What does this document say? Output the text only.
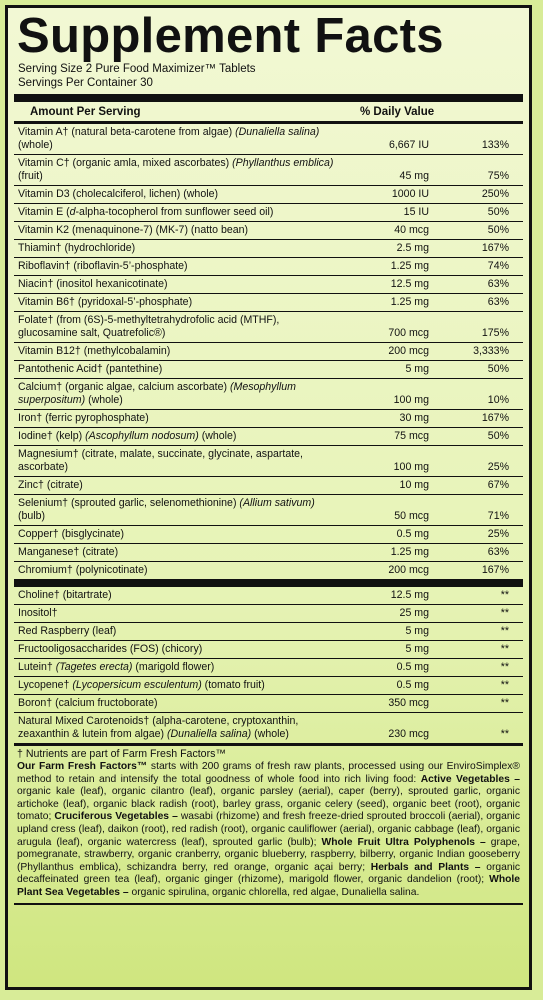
Supplement Facts
Serving Size 2 Pure Food Maximizer™ Tablets
Servings Per Container 30
Amount Per Serving	% Daily Value
Vitamin A† (natural beta-carotene from algae) (Dunaliella salina) (whole)	6,667 IU	133%
Vitamin C† (organic amla, mixed ascorbates) (Phyllanthus emblica) (fruit)	45 mg	75%
Vitamin D3 (cholecalciferol, lichen) (whole)	1000 IU	250%
Vitamin E (d-alpha-tocopherol from sunflower seed oil)	15 IU	50%
Vitamin K2 (menaquinone-7) (MK-7) (natto bean)	40 mcg	50%
Thiamin† (hydrochloride)	2.5 mg	167%
Riboflavin† (riboflavin-5’-phosphate)	1.25 mg	74%
Niacin† (inositol hexanicotinate)	12.5 mg	63%
Vitamin B6† (pyridoxal-5’-phosphate)	1.25 mg	63%
Folate† (from (6S)-5-methyltetrahydrofolic acid (MTHF), glucosamine salt, Quatrefolic®)	700 mcg	175%
Vitamin B12† (methylcobalamin)	200 mcg	3,333%
Pantothenic Acid† (pantethine)	5 mg	50%
Calcium† (organic algae, calcium ascorbate) (Mesophyllum superpositum) (whole)	100 mg	10%
Iron† (ferric pyrophosphate)	30 mg	167%
Iodine† (kelp) (Ascophyllum nodosum) (whole)	75 mcg	50%
Magnesium† (citrate, malate, succinate, glycinate, aspartate, ascorbate)	100 mg	25%
Zinc† (citrate)	10 mg	67%
Selenium† (sprouted garlic, selenomethionine) (Allium sativum) (bulb)	50 mcg	71%
Copper† (bisglycinate)	0.5 mg	25%
Manganese† (citrate)	1.25 mg	63%
Chromium† (polynicotinate)	200 mcg	167%
Choline† (bitartrate)	12.5 mg	**
Inositol†	25 mg	**
Red Raspberry (leaf)	5 mg	**
Fructooligosaccharides (FOS) (chicory)	5 mg	**
Lutein† (Tagetes erecta) (marigold flower)	0.5 mg	**
Lycopene† (Lycopersicum esculentum) (tomato fruit)	0.5 mg	**
Boron† (calcium fructoborate)	350 mcg	**
Natural Mixed Carotenoids† (alpha-carotene, cryptoxanthin, zeaxanthin & lutein from algae) (Dunaliella salina) (whole)	230 mcg	**
† Nutrients are part of Farm Fresh Factors™
Our Farm Fresh Factors™ starts with 200 grams of fresh raw plants, processed using our EnviroSimplex® method to retain and intensify the total goodness of whole food into rich living food: Active Vegetables – organic kale (leaf), organic cilantro (leaf), organic parsley (aerial), caper (berry), sprouted garlic, organic artichoke (leaf), organic black radish (root), barley grass, organic celery (seed), organic beet (root), organic tomato; Cruciferous Vegetables – wasabi (rhizome) and fresh freeze-dried sprouted broccoli (aerial), organic upland cress (leaf), daikon (root), red radish (root), organic cauliflower (aerial), organic cabbage (leaf), organic arugula (leaf), organic watercress (leaf), sprouted garlic (bulb); Whole Fruit Ultra Polyphenols – grape, pomegranate, strawberry, organic cranberry, organic blueberry, raspberry, bilberry, organic Indian gooseberry (Phyllanthus emblica), schizandra berry, red orange, organic açai berry; Herbals and Plants – organic decaffeinated green tea (leaf), organic ginger (rhizome), marigold flower, organic dandelion (root); Whole Plant Sea Vegetables – organic spirulina, organic chlorella, red algae, Dunaliella salina.
